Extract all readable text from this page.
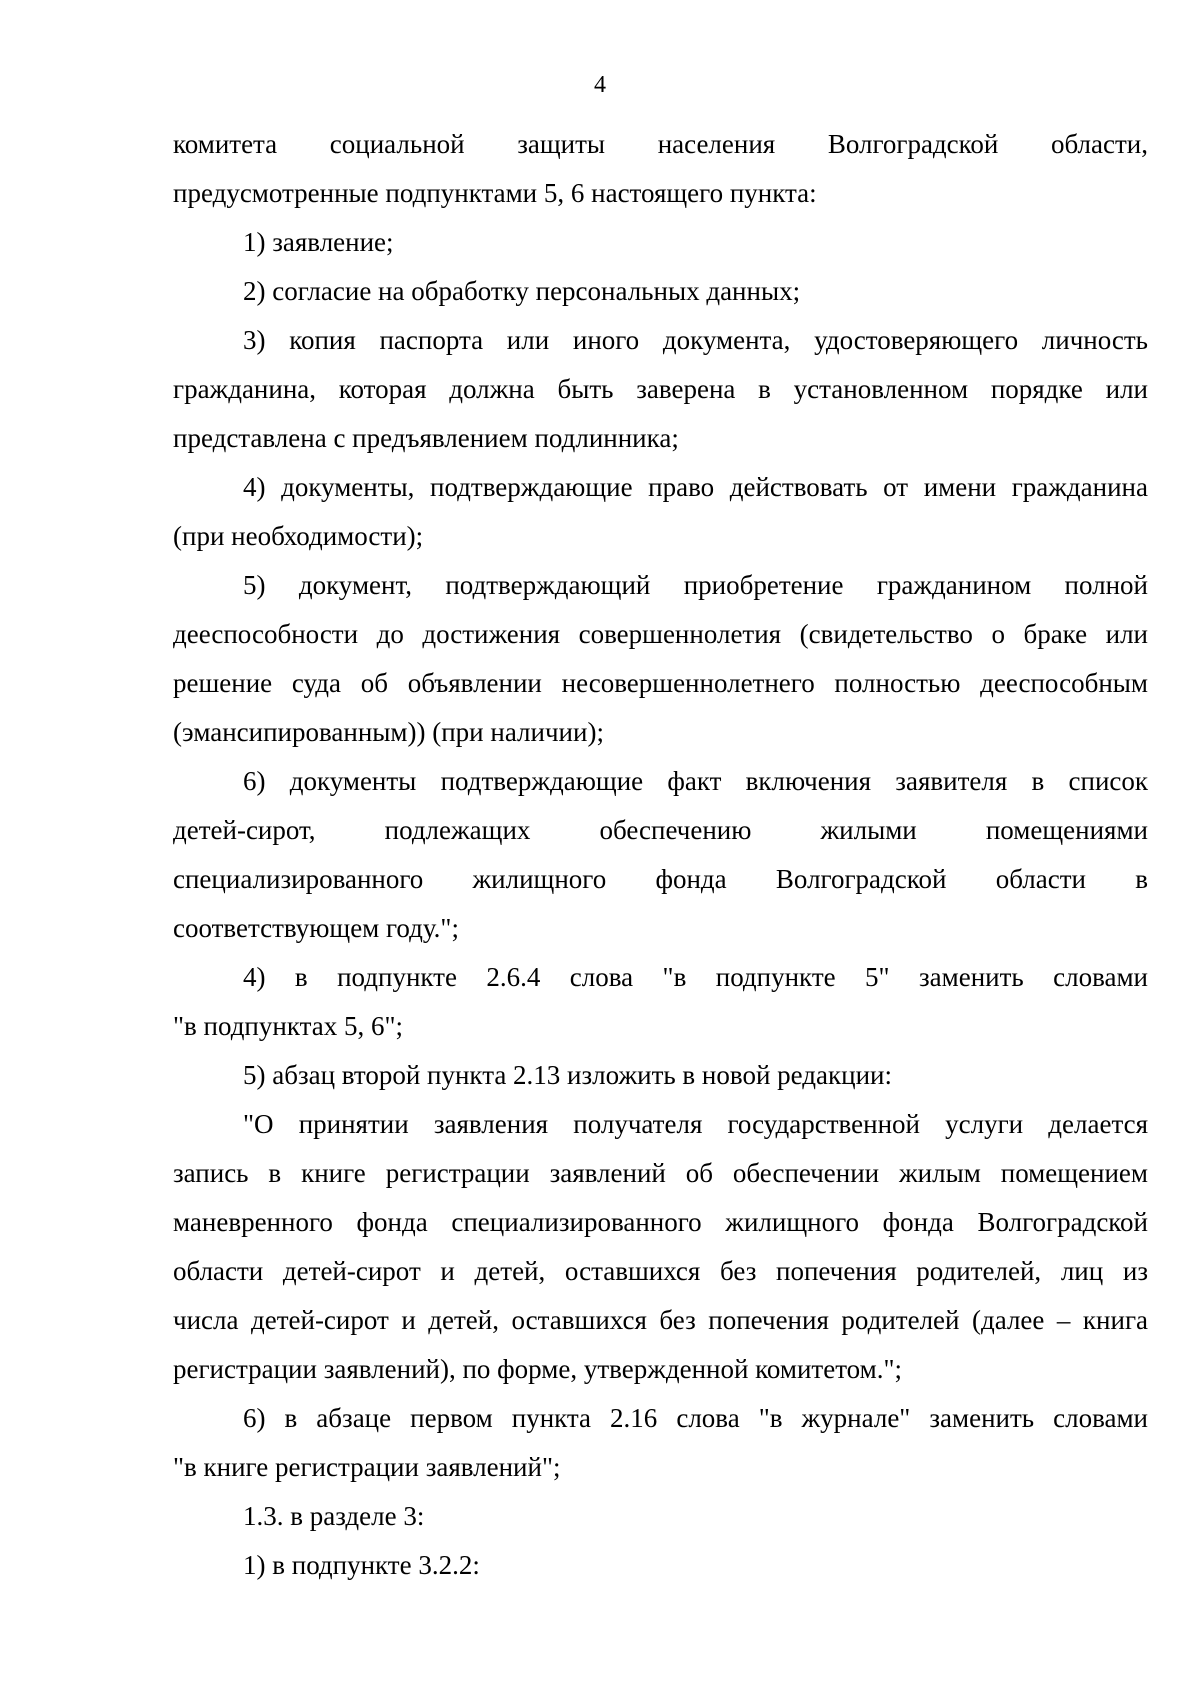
4
комитета социальной защиты населения Волгоградской области,
предусмотренные подпунктами 5, 6 настоящего пункта:
1) заявление;
2) согласие на обработку персональных данных;
3) копия паспорта или иного документа, удостоверяющего личность
гражданина, которая должна быть заверена в установленном порядке или
представлена с предъявлением подлинника;
4) документы, подтверждающие право действовать от имени гражданина
(при необходимости);
5) документ, подтверждающий приобретение гражданином полной
дееспособности до достижения совершеннолетия (свидетельство о браке или
решение суда об объявлении несовершеннолетнего полностью дееспособным
(эмансипированным)) (при наличии);
6) документы подтверждающие факт включения заявителя в список
детей-сирот, подлежащих обеспечению жилыми помещениями
специализированного жилищного фонда Волгоградской области в
соответствующем году.";
4) в подпункте 2.6.4 слова "в подпункте 5" заменить словами
"в подпунктах 5, 6";
5) абзац второй пункта 2.13 изложить в новой редакции:
"О принятии заявления получателя государственной услуги делается
запись в книге регистрации заявлений об обеспечении жилым помещением
маневренного фонда специализированного жилищного фонда Волгоградской
области детей-сирот и детей, оставшихся без попечения родителей, лиц из
числа детей-сирот и детей, оставшихся без попечения родителей (далее – книга
регистрации заявлений), по форме, утвержденной комитетом.";
6) в абзаце первом пункта 2.16 слова "в журнале" заменить словами
"в книге регистрации заявлений";
1.3. в разделе 3:
1) в подпункте 3.2.2:
